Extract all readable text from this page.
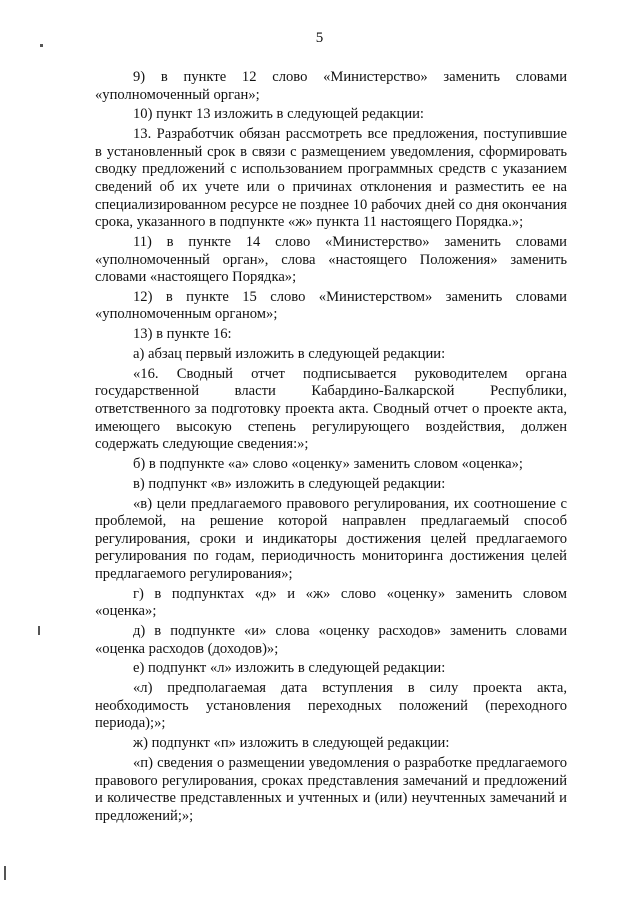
5

9) в пункте 12 слово «Министерство» заменить словами «уполномоченный орган»;

10) пункт 13 изложить в следующей редакции:

13. Разработчик обязан рассмотреть все предложения, поступившие в установленный срок в связи с размещением уведомления, сформировать сводку предложений с использованием программных средств с указанием сведений об их учете или о причинах отклонения и разместить ее на специализированном ресурсе не позднее 10 рабочих дней со дня окончания срока, указанного в подпункте «ж» пункта 11 настоящего Порядка.»;

11) в пункте 14 слово «Министерство» заменить словами «уполномоченный орган», слова «настоящего Положения» заменить словами «настоящего Порядка»;

12) в пункте 15 слово «Министерством» заменить словами «уполномоченным органом»;

13) в пункте 16:

а) абзац первый изложить в следующей редакции:

«16. Сводный отчет подписывается руководителем органа государственной власти Кабардино-Балкарской Республики, ответственного за подготовку проекта акта. Сводный отчет о проекте акта, имеющего высокую степень регулирующего воздействия, должен содержать следующие сведения:»;

б) в подпункте «а» слово «оценку» заменить словом «оценка»;

в) подпункт «в» изложить в следующей редакции:

«в) цели предлагаемого правового регулирования, их соотношение с проблемой, на решение которой направлен предлагаемый способ регулирования, сроки и индикаторы достижения целей предлагаемого регулирования по годам, периодичность мониторинга достижения целей предлагаемого регулирования»;

г) в подпунктах «д» и «ж» слово «оценку» заменить словом «оценка»;

д) в подпункте «и» слова «оценку расходов» заменить словами «оценка расходов (доходов)»;

е) подпункт «л» изложить в следующей редакции:

«л) предполагаемая дата вступления в силу проекта акта, необходимость установления переходных положений (переходного периода);»;

ж) подпункт «п» изложить в следующей редакции:

«п) сведения о размещении уведомления о разработке предлагаемого правового регулирования, сроках представления замечаний и предложений и количестве представленных и учтенных и (или) неучтенных замечаний и предложений;»;
